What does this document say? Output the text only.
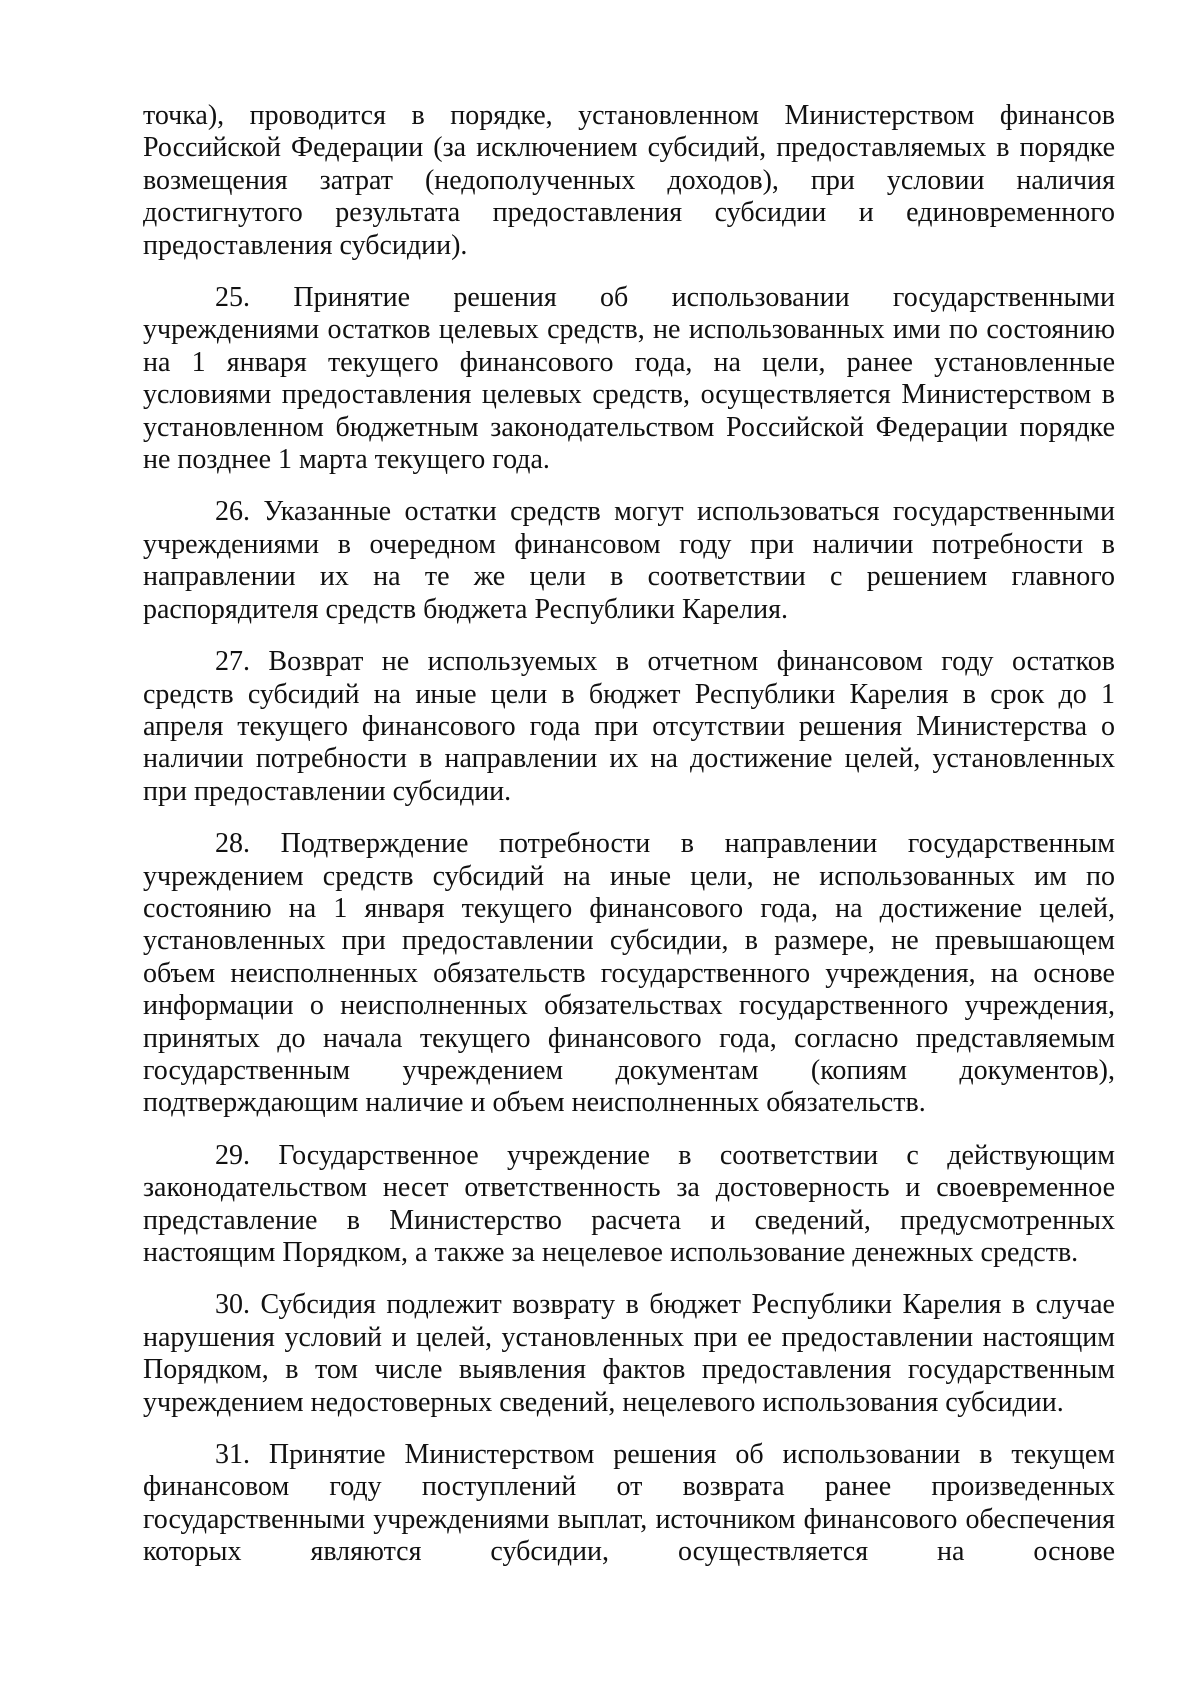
точка), проводится в порядке, установленном Министерством финансов Российской Федерации (за исключением субсидий, предоставляемых в порядке возмещения затрат (недополученных доходов), при условии наличия достигнутого результата предоставления субсидии и единовременного предоставления субсидии).

25. Принятие решения об использовании государственными учреждениями остатков целевых средств, не использованных ими по состоянию на 1 января текущего финансового года, на цели, ранее установленные условиями предоставления целевых средств, осуществляется Министерством в установленном бюджетным законодательством Российской Федерации порядке не позднее 1 марта текущего года.

26. Указанные остатки средств могут использоваться государственными учреждениями в очередном финансовом году при наличии потребности в направлении их на те же цели в соответствии с решением главного распорядителя средств бюджета Республики Карелия.

27. Возврат не используемых в отчетном финансовом году остатков средств субсидий на иные цели в бюджет Республики Карелия в срок до 1 апреля текущего финансового года при отсутствии решения Министерства о наличии потребности в направлении их на достижение целей, установленных при предоставлении субсидии.

28. Подтверждение потребности в направлении государственным учреждением средств субсидий на иные цели, не использованных им по состоянию на 1 января текущего финансового года, на достижение целей, установленных при предоставлении субсидии, в размере, не превышающем объем неисполненных обязательств государственного учреждения, на основе информации о неисполненных обязательствах государственного учреждения, принятых до начала текущего финансового года, согласно представляемым государственным учреждением документам (копиям документов), подтверждающим наличие и объем неисполненных обязательств.

29. Государственное учреждение в соответствии с действующим законодательством несет ответственность за достоверность и своевременное представление в Министерство расчета и сведений, предусмотренных настоящим Порядком, а также за нецелевое использование денежных средств.

30. Субсидия подлежит возврату в бюджет Республики Карелия в случае нарушения условий и целей, установленных при ее предоставлении настоящим Порядком, в том числе выявления фактов предоставления государственным учреждением недостоверных сведений, нецелевого использования субсидии.

31. Принятие Министерством решения об использовании в текущем финансовом году поступлений от возврата ранее произведенных государственными учреждениями выплат, источником финансового обеспечения которых являются субсидии, осуществляется на основе
